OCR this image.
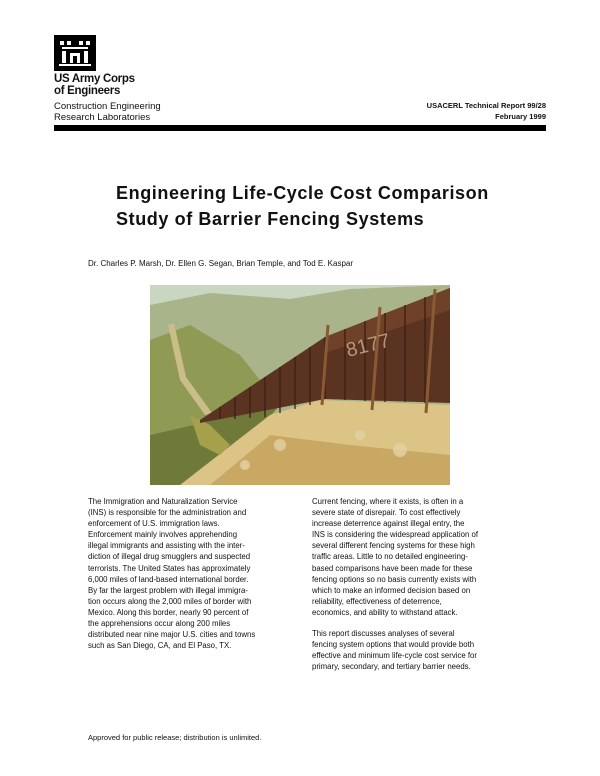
US Army Corps
of Engineers
Construction Engineering
Research Laboratories
USACERL Technical Report 99/28
February 1999
Engineering Life-Cycle Cost Comparison
Study of Barrier Fencing Systems
Dr. Charles P. Marsh, Dr. Ellen G. Segan, Brian Temple, and Tod E. Kaspar
8177

The Immigration and Naturalization Service
(INS) is responsible for the administration and
enforcement of U.S. immigration laws.
Enforcement mainly involves apprehending
illegal immigrants and assisting with the inter-
diction of illegal drug smugglers and suspected
terrorists. The United States has approximately
6,000 miles of land-based international border.
By far the largest problem with illegal immigra-
tion occurs along the 2,000 miles of border with
Mexico. Along this border, nearly 90 percent of
the apprehensions occur along 200 miles
distributed near nine major U.S. cities and towns
such as San Diego, CA, and El Paso, TX.

Current fencing, where it exists, is often in a
severe state of disrepair. To cost effectively
increase deterrence against illegal entry, the
INS is considering the widespread application of
several different fencing systems for these high
traffic areas. Little to no detailed engineering-
based comparisons have been made for these
fencing options so no basis currently exists with
which to make an informed decision based on
reliability, effectiveness of deterrence,
economics, and ability to withstand attack.

This report discusses analyses of several
fencing system options that would provide both
effective and minimum life-cycle cost service for
primary, secondary, and tertiary barrier needs.

Approved for public release; distribution is unlimited.
